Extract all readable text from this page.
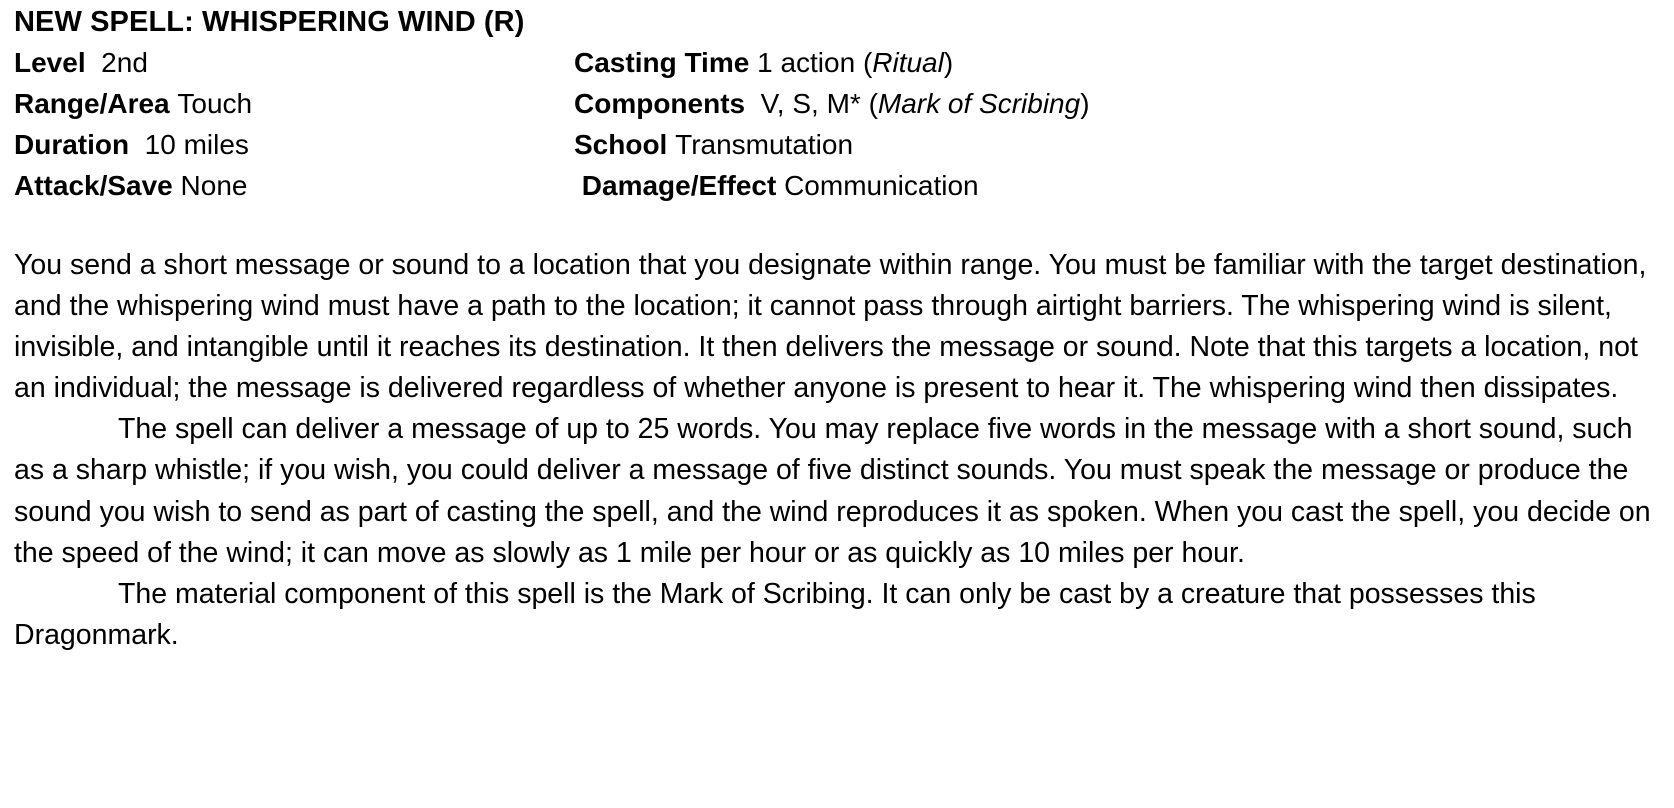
NEW SPELL: WHISPERING WIND (R)
Level 2nd	Casting Time 1 action (Ritual)
Range/Area Touch	Components V, S, M* (Mark of Scribing)
Duration 10 miles	School Transmutation
Attack/Save None	Damage/Effect Communication

You send a short message or sound to a location that you designate within range. You must be familiar with the target destination, and the whispering wind must have a path to the location; it cannot pass through airtight barriers. The whispering wind is silent, invisible, and intangible until it reaches its destination. It then delivers the message or sound. Note that this targets a location, not an individual; the message is delivered regardless of whether anyone is present to hear it. The whispering wind then dissipates.

The spell can deliver a message of up to 25 words. You may replace five words in the message with a short sound, such as a sharp whistle; if you wish, you could deliver a message of five distinct sounds. You must speak the message or produce the sound you wish to send as part of casting the spell, and the wind reproduces it as spoken. When you cast the spell, you decide on the speed of the wind; it can move as slowly as 1 mile per hour or as quickly as 10 miles per hour.

The material component of this spell is the Mark of Scribing. It can only be cast by a creature that possesses this Dragonmark.
